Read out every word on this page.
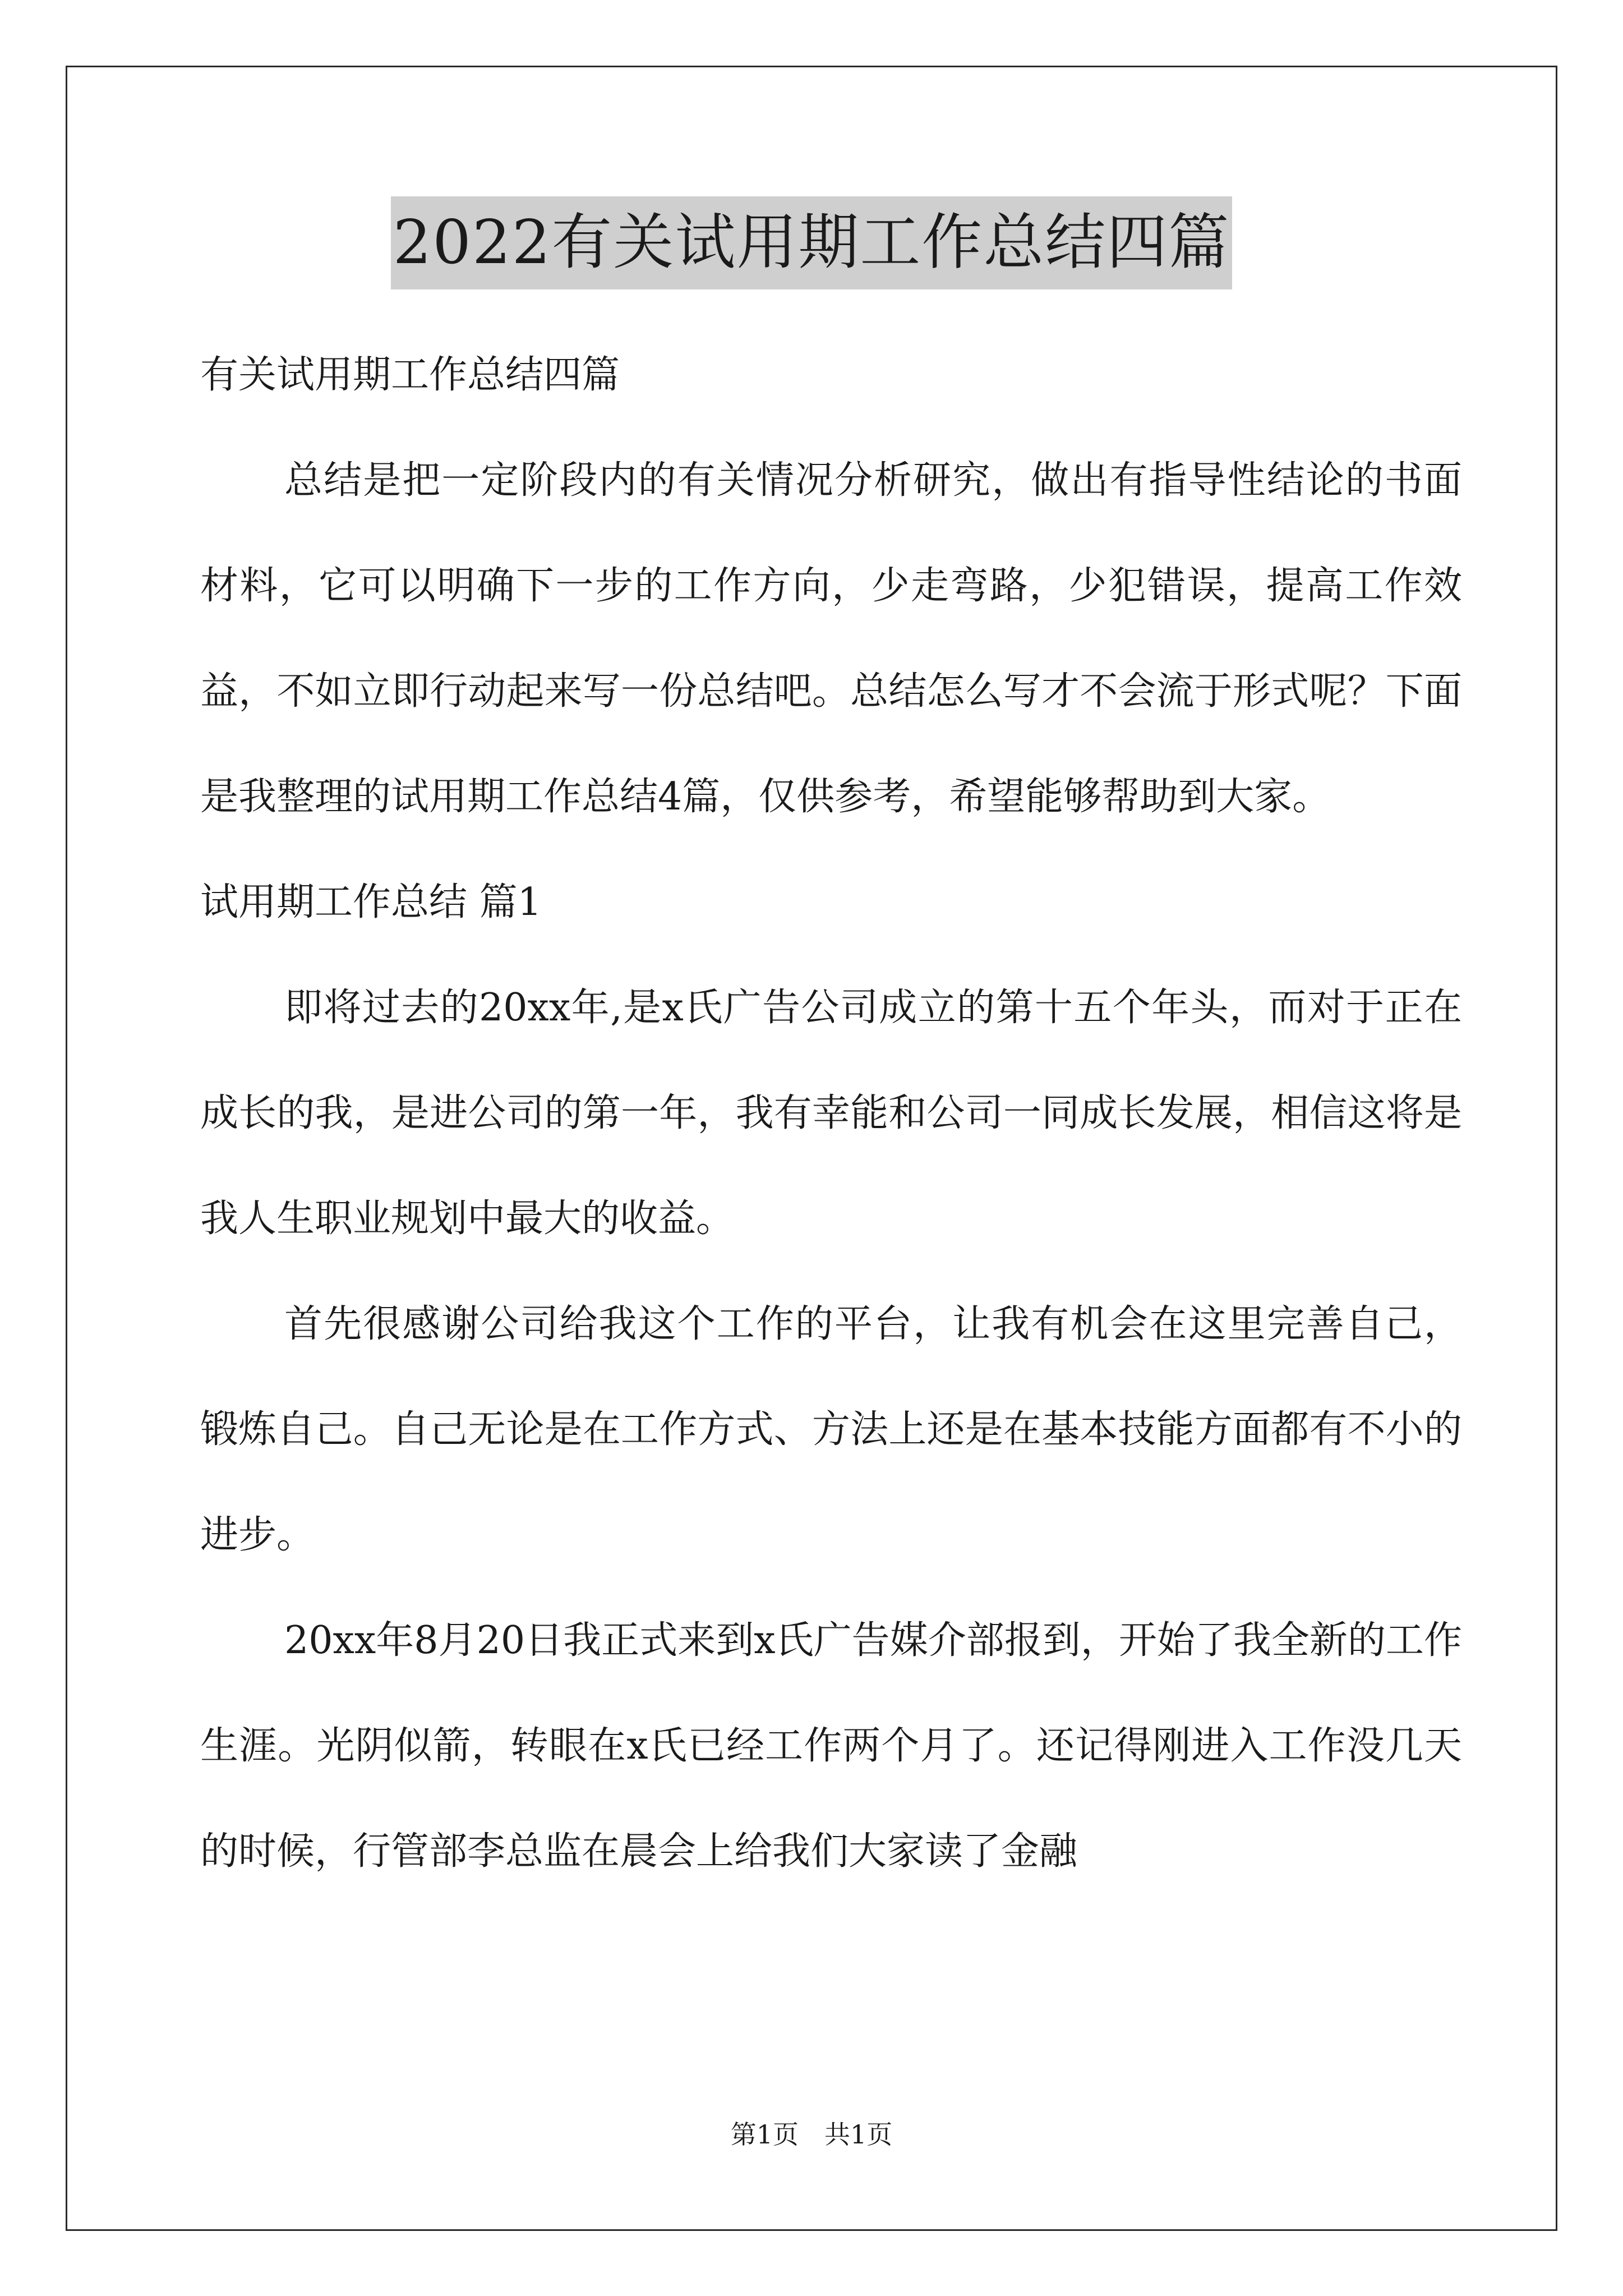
2022有关试用期工作总结四篇

有关试用期工作总结四篇

总结是把一定阶段内的有关情况分析研究，做出有指导性结论的书面材料，它可以明确下一步的工作方向，少走弯路，少犯错误，提高工作效益，不如立即行动起来写一份总结吧。总结怎么写才不会流于形式呢？下面是我整理的试用期工作总结4篇，仅供参考，希望能够帮助到大家。

试用期工作总结 篇1

即将过去的20xx年,是x氏广告公司成立的第十五个年头，而对于正在成长的我，是进公司的第一年，我有幸能和公司一同成长发展，相信这将是我人生职业规划中最大的收益。

首先很感谢公司给我这个工作的平台，让我有机会在这里完善自己，锻炼自己。自己无论是在工作方式、方法上还是在基本技能方面都有不小的进步。

20xx年8月20日我正式来到x氏广告媒介部报到，开始了我全新的工作生涯。光阴似箭，转眼在x氏已经工作两个月了。还记得刚进入工作没几天的时候，行管部李总监在晨会上给我们大家读了金融

第1页　共1页
